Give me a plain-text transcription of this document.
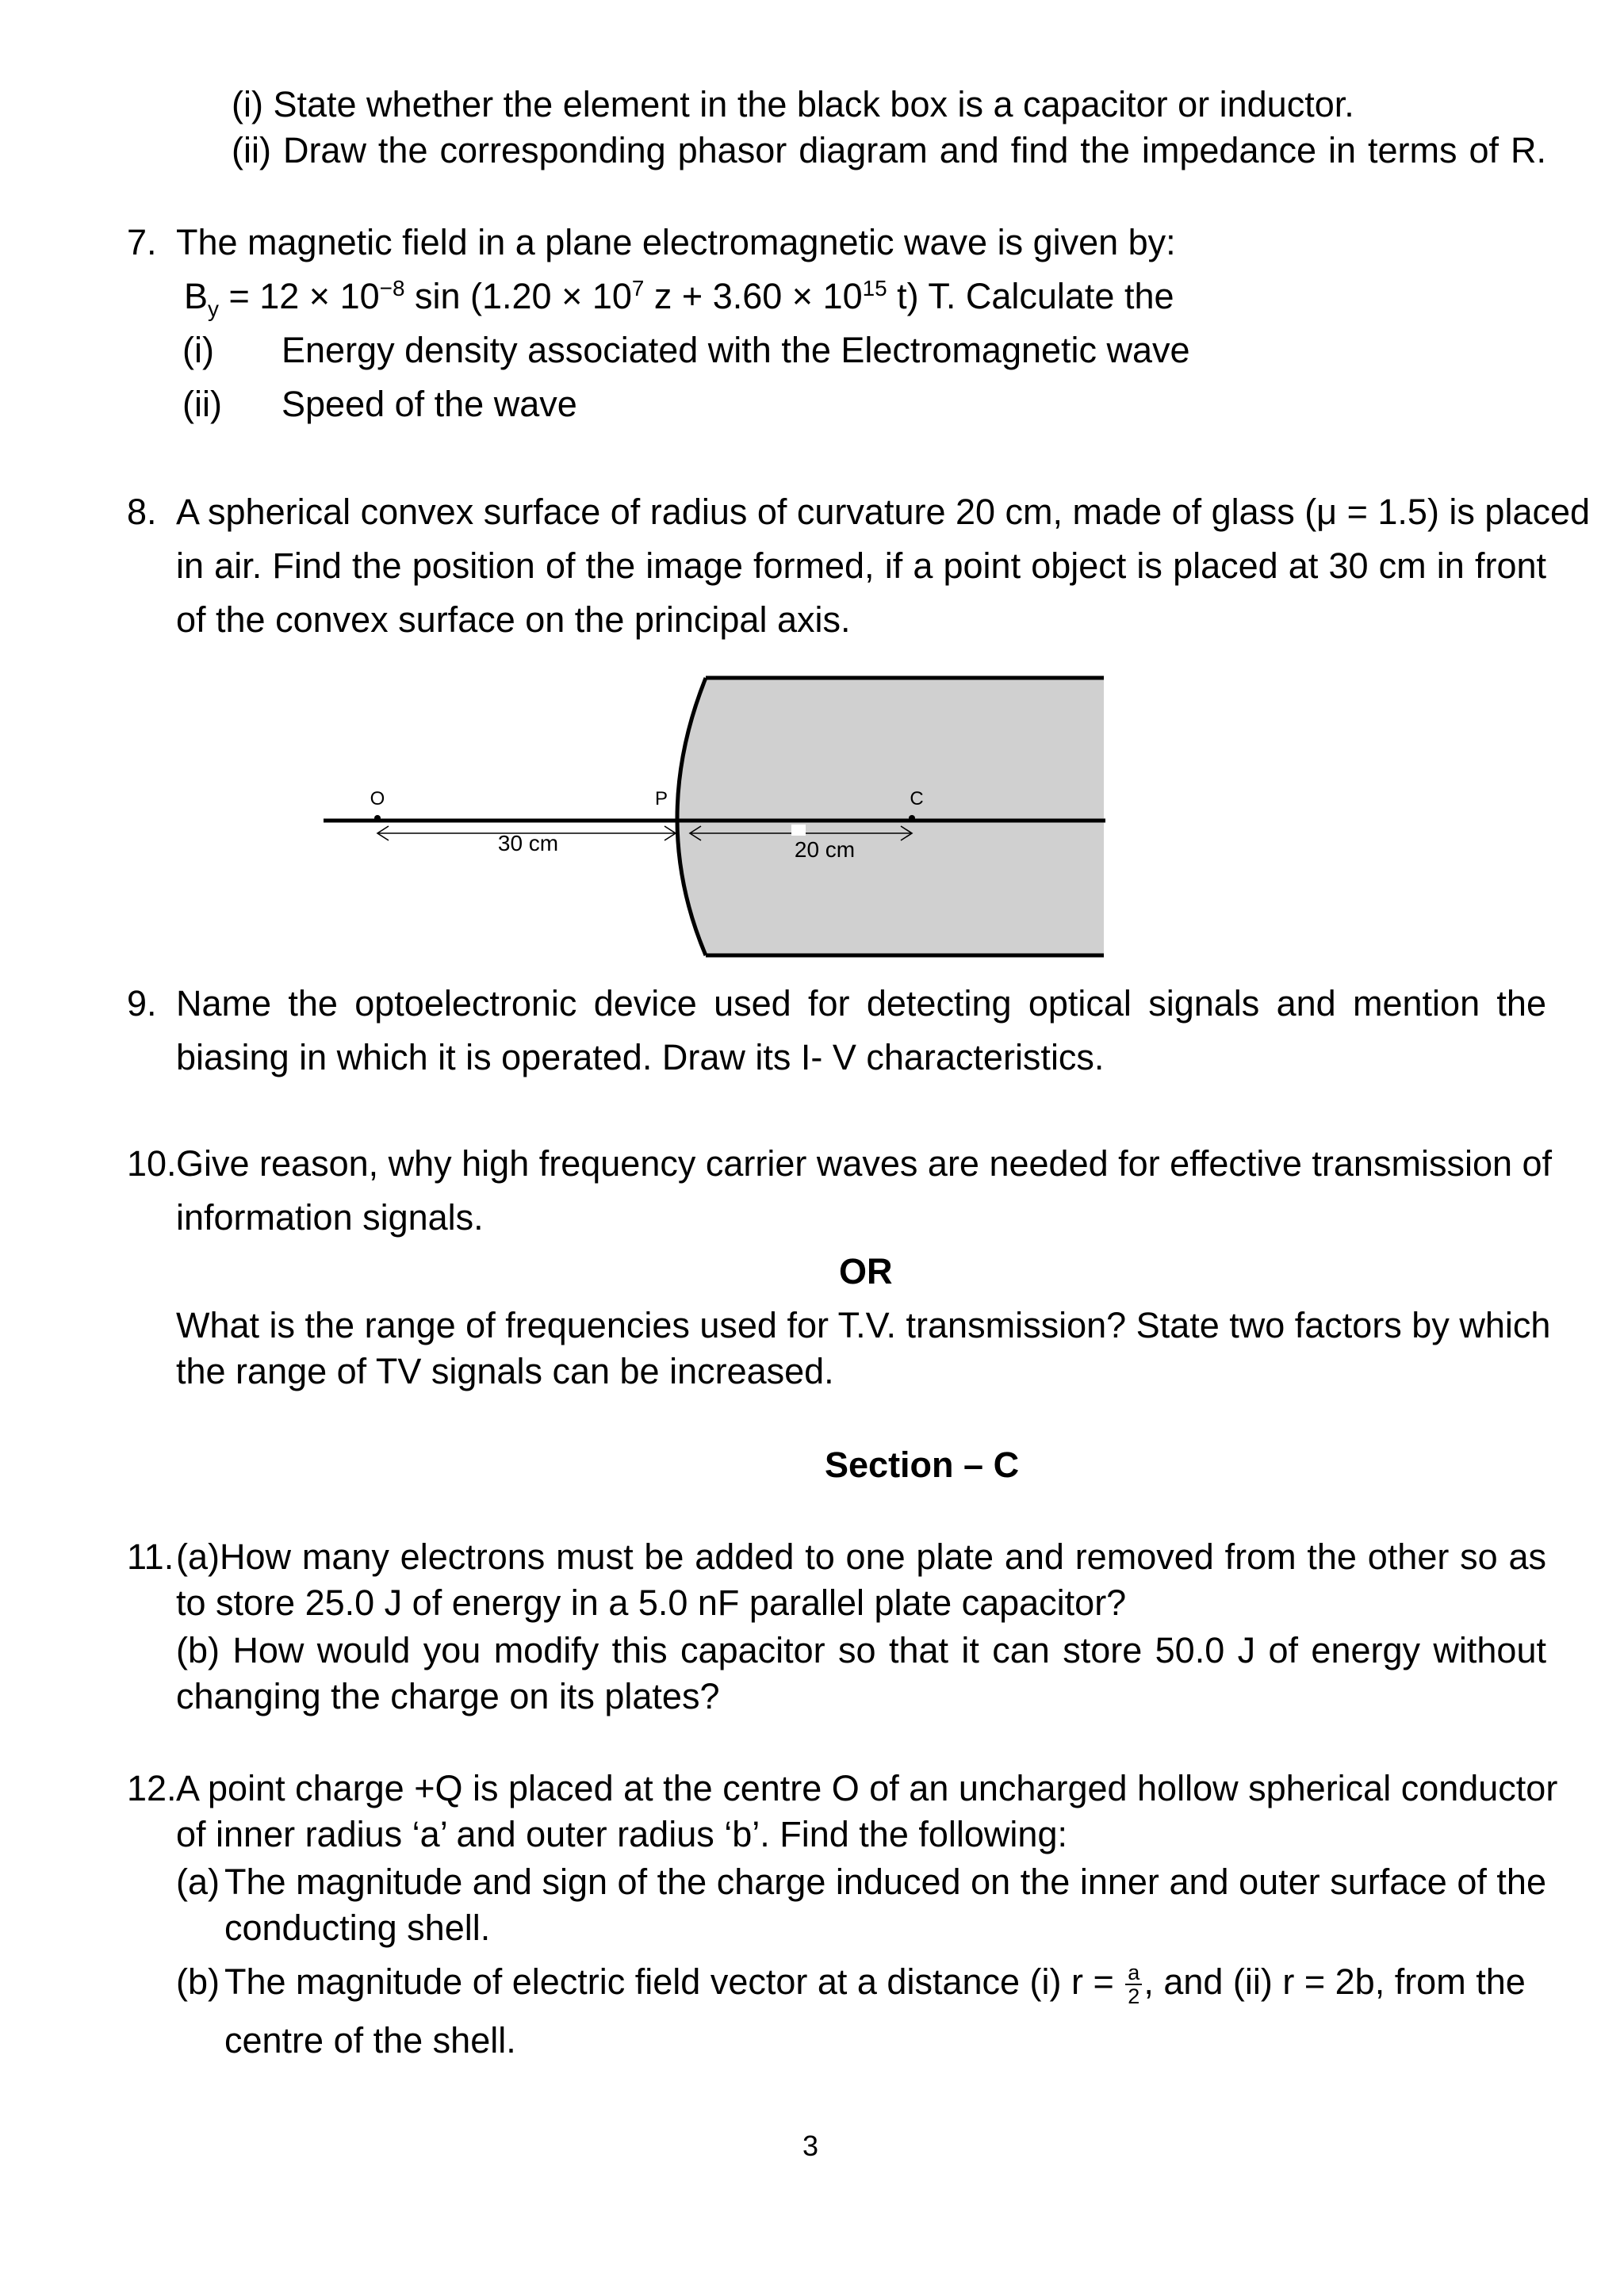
(i) State whether the element in the black box is a capacitor or inductor.
(ii) Draw the corresponding phasor diagram and find the impedance in terms of R.
7. The magnetic field in a plane electromagnetic wave is given by:
$B_y = 12 \times 10^{-8}$ $\sin (1.20 \times 10^7$ $z + 3.60 \times 10^{15}$ t) T. Calculate the
(i) Energy density associated with the Electromagnetic wave
(ii) Speed of the wave
8. A spherical convex surface of radius of curvature 20 cm, made of glass (μ = 1.5) is placed
in air. Find the position of the image formed, if a point object is placed at 30 cm in front
of the convex surface on the principal axis.
O	P	C
30 cm	20 cm
9. Name the optoelectronic device used for detecting optical signals and mention the
biasing in which it is operated. Draw its I- V characteristics.
10. Give reason, why high frequency carrier waves are needed for effective transmission of
information signals.
OR
What is the range of frequencies used for T.V. transmission? State two factors by which
the range of TV signals can be increased.
Section – C
11. (a)How many electrons must be added to one plate and removed from the other so as
to store 25.0 J of energy in a 5.0 nF parallel plate capacitor?
(b) How would you modify this capacitor so that it can store 50.0 J of energy without
changing the charge on its plates?
12. A point charge +Q is placed at the centre O of an uncharged hollow spherical conductor
of inner radius ‘a’ and outer radius ‘b’. Find the following:
(a) The magnitude and sign of the charge induced on the inner and outer surface of the
conducting shell.
(b) The magnitude of electric field vector at a distance (i) $r = \frac{a}{2}$ , and (ii) r = 2b, from the
centre of the shell.
3
